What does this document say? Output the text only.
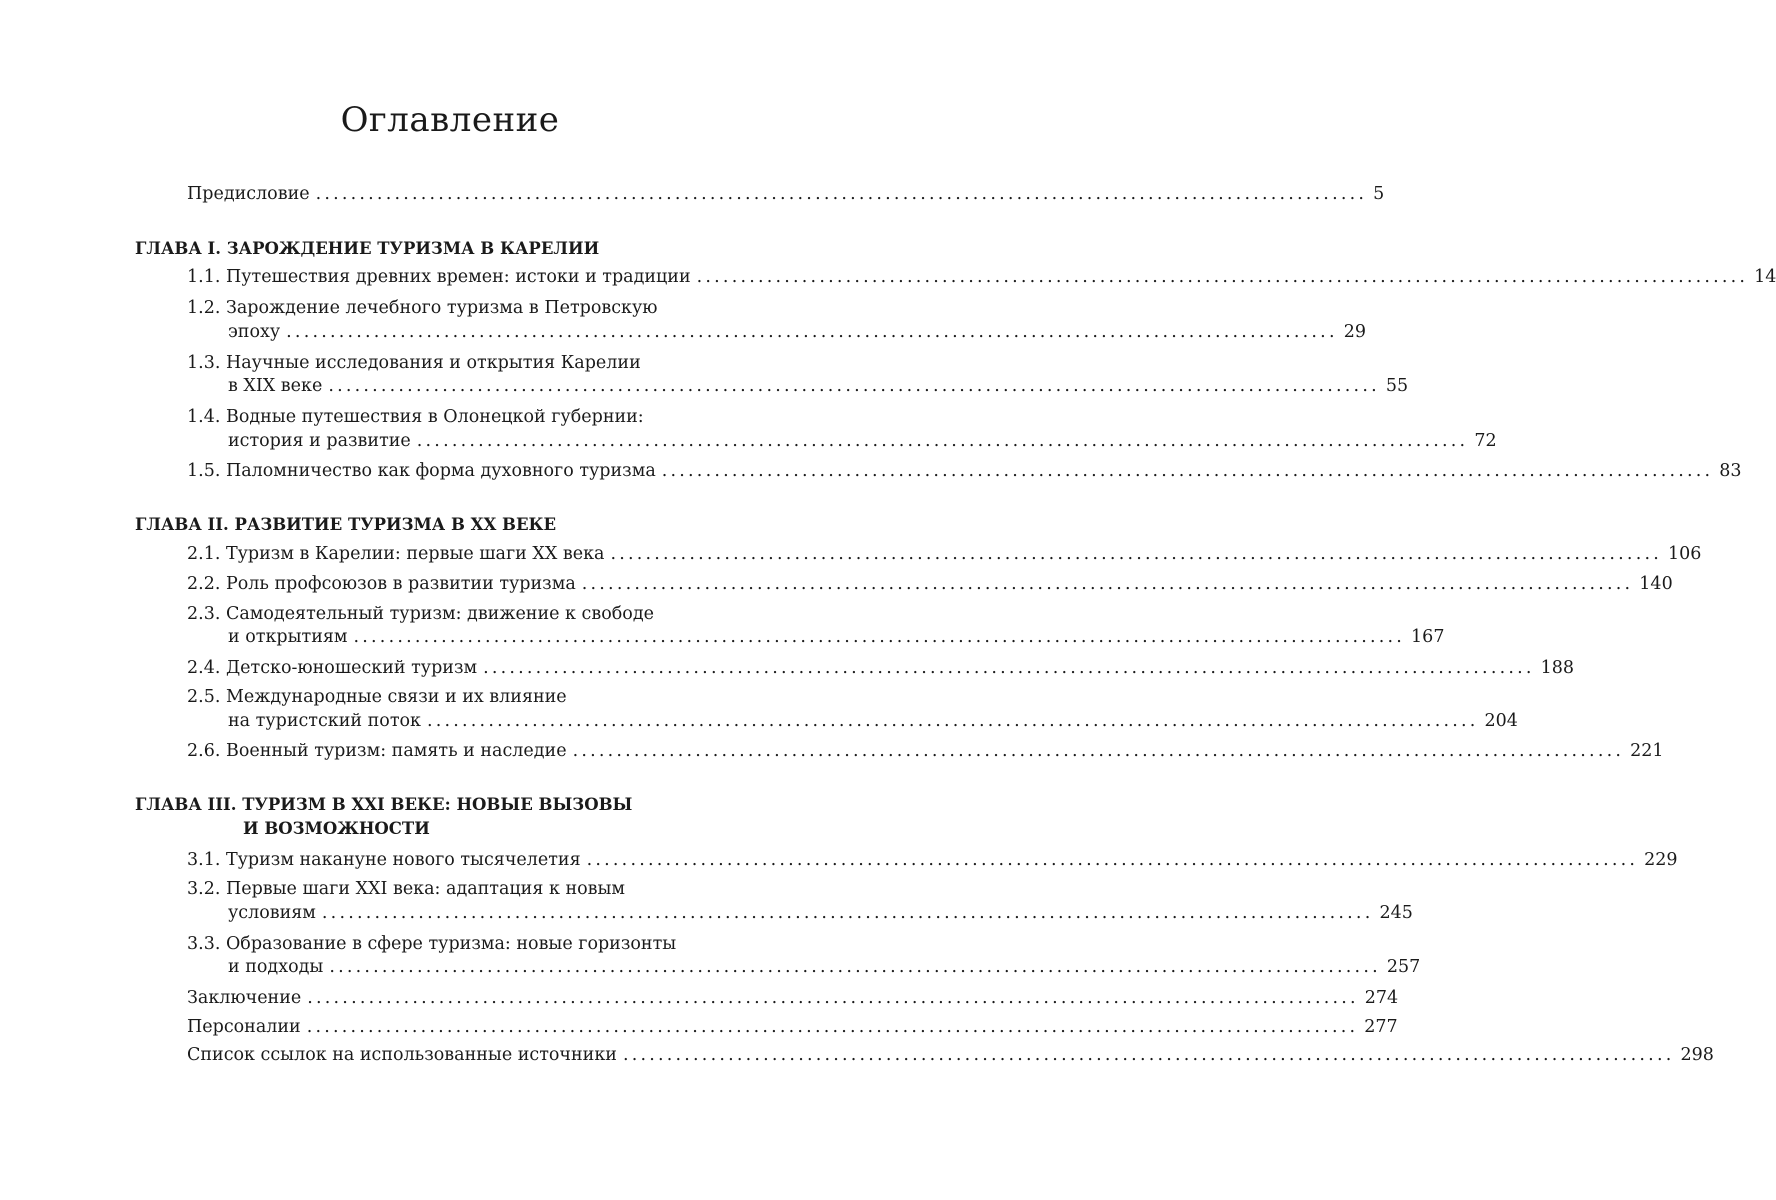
Оглавление
Предисловие ........................................................................................................................ 5
ГЛАВА I. ЗАРОЖДЕНИЕ ТУРИЗМА В КАРЕЛИИ
1.1. Путешествия древних времен: истоки и традиции ........................................................................................................................ 14
1.2. Зарождение лечебного туризма в Петровскую
эпоху ........................................................................................................................ 29
1.3. Научные исследования и открытия Карелии
в XIX веке ........................................................................................................................ 55
1.4. Водные путешествия в Олонецкой губернии:
история и развитие ........................................................................................................................ 72
1.5. Паломничество как форма духовного туризма ........................................................................................................................ 83
ГЛАВА II. РАЗВИТИЕ ТУРИЗМА В XX ВЕКЕ
2.1. Туризм в Карелии: первые шаги XX века ........................................................................................................................ 106
2.2. Роль профсоюзов в развитии туризма ........................................................................................................................ 140
2.3. Самодеятельный туризм: движение к свободе
и открытиям ........................................................................................................................ 167
2.4. Детско-юношеский туризм ........................................................................................................................ 188
2.5. Международные связи и их влияние
на туристский поток ........................................................................................................................ 204
2.6. Военный туризм: память и наследие ........................................................................................................................ 221
ГЛАВА III. ТУРИЗМ В XXI ВЕКЕ: НОВЫЕ ВЫЗОВЫ
И ВОЗМОЖНОСТИ
3.1. Туризм накануне нового тысячелетия ........................................................................................................................ 229
3.2. Первые шаги XXI века: адаптация к новым
условиям ........................................................................................................................ 245
3.3. Образование в сфере туризма: новые горизонты
и подходы ........................................................................................................................ 257
Заключение ........................................................................................................................ 274
Персоналии ........................................................................................................................ 277
Список ссылок на использованные источники ........................................................................................................................ 298
